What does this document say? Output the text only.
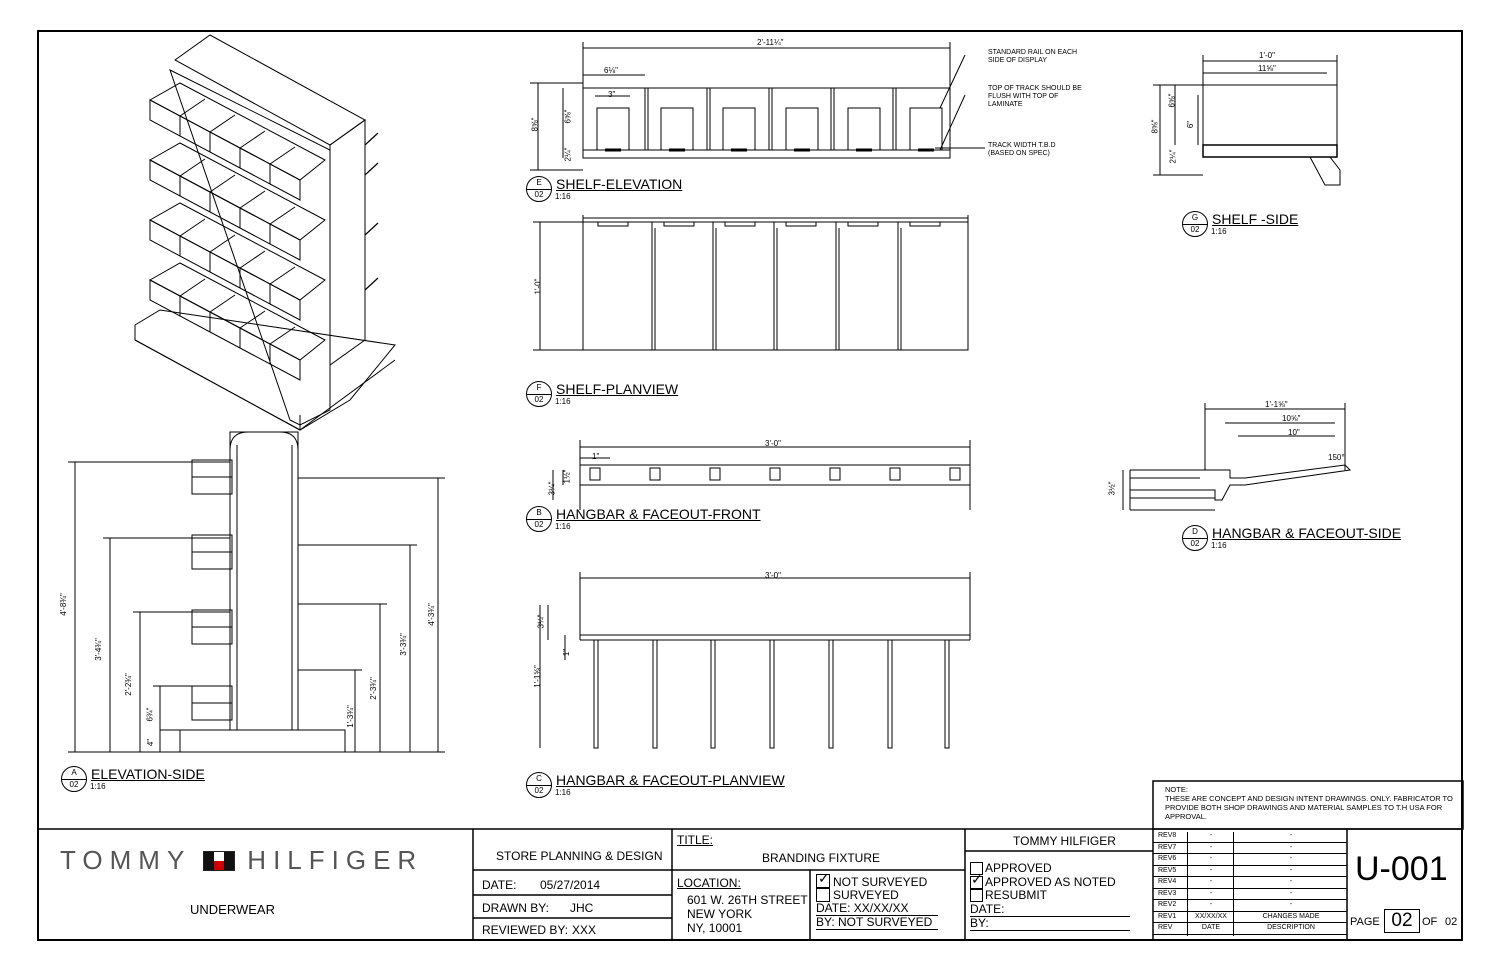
E
02
SHELF-ELEVATION
1:16
F
02
SHELF-PLANVIEW
1:16
B
02
HANGBAR & FACEOUT-FRONT
1:16
C
02
HANGBAR & FACEOUT-PLANVIEW
1:16
A
02
ELEVATION-SIDE
1:16
G
02
SHELF -SIDE
1:16
D
02
HANGBAR & FACEOUT-SIDE
1:16
STANDARD RAIL ON EACH SIDE OF DISPLAY
TOP OF TRACK SHOULD BE FLUSH WITH TOP OF LAMINATE
TRACK WIDTH T.B.D (BASED ON SPEC)
2'-11¼"
6⅛"
3"
8⅝"
6⅝"
2¼"
1'-0"
3'-0"
1"
3¼"
1½"
3'-0"
3¼"
1"
1'-1⅝"
1'-0"
11⅝"
8⅝"
6⅝"
6"
2¼"
1'-1⅝"
10⅝"
10"
150°
3½"
4'-8¾"	4'-3¾"
3'-4¾"	3'-3¾"
2'-2¾"	2'-3¾"
1'-3¾"
6¾"
4"
NOTE:
THESE ARE CONCEPT AND DESIGN INTENT DRAWINGS. ONLY. FABRICATOR TO PROVIDE BOTH SHOP DRAWINGS AND MATERIAL SAMPLES TO T.H USA FOR APPROVAL.
TOMMY HILFIGER
UNDERWEAR
STORE PLANNING & DESIGN
DATE: 05/27/2014
DRAWN BY: JHC
REVIEWED BY: XXX
TITLE:
BRANDING FIXTURE
LOCATION:
601 W. 26TH STREET
NEW YORK
NY, 10001
✓ NOT SURVEYED
SURVEYED
DATE: XX/XX/XX
BY: NOT SURVEYED
TOMMY HILFIGER
APPROVED
✓ APPROVED AS NOTED
RESUBMIT
DATE:
BY:
REV8	-	-
REV7	-	-
REV6	-	-
REV5	-	-
REV4	-	-
REV3	-	-
REV2	-	-
REV1	XX/XX/XX	CHANGES MADE
REV	DATE	DESCRIPTION
U-001
PAGE 02 OF 02
